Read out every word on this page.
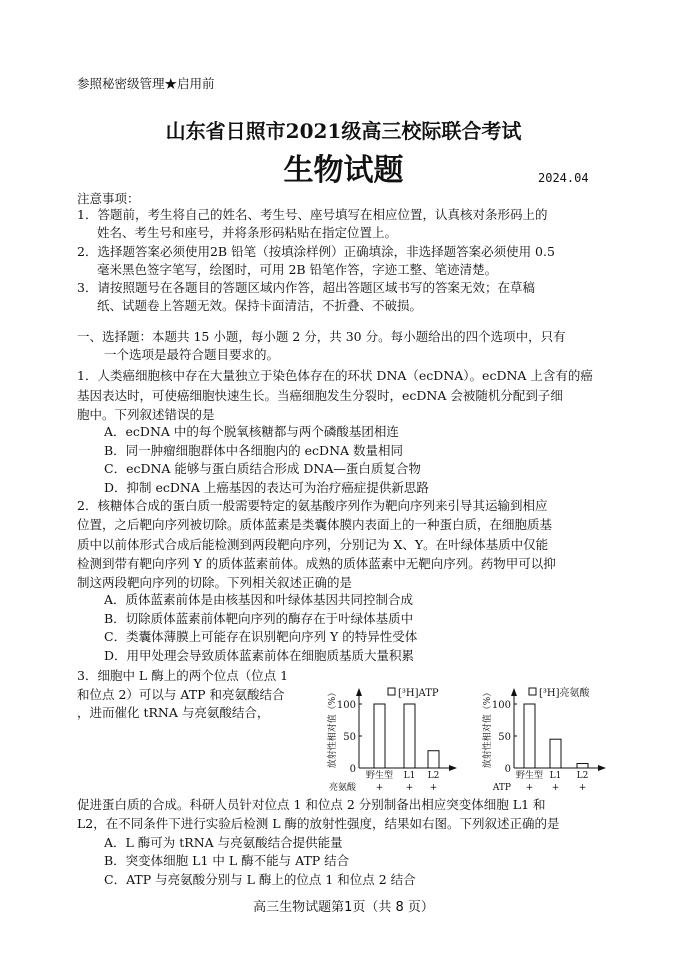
参照秘密级管理★启用前
山东省日照市2021级高三校际联合考试
生物试题	2024.04
注意事项：
1．答题前，考生将自己的姓名、考生号、座号填写在相应位置，认真核对条形码上的
姓名、考生号和座号，并将条形码粘贴在指定位置上。
2．选择题答案必须使用2B 铅笔（按填涂样例）正确填涂，非选择题答案必须使用 0.5
毫米黑色签字笔写，绘图时，可用 2B 铅笔作答，字迹工整、笔迹清楚。
3．请按照题号在各题目的答题区域内作答，超出答题区域书写的答案无效；在草稿
纸、试题卷上答题无效。保持卡面清洁，不折叠、不破损。
一、选择题：本题共 15 小题，每小题 2 分，共 30 分。每小题给出的四个选项中，只有
一个选项是最符合题目要求的。
1．人类癌细胞核中存在大量独立于染色体存在的环状 DNA（ecDNA）。ecDNA 上含有的癌
基因表达时，可使癌细胞快速生长。当癌细胞发生分裂时，ecDNA 会被随机分配到子细
胞中。下列叙述错误的是
A．ecDNA 中的每个脱氧核糖都与两个磷酸基团相连
B．同一肿瘤细胞群体中各细胞内的 ecDNA 数量相同
C．ecDNA 能够与蛋白质结合形成 DNA—蛋白质复合物
D．抑制 ecDNA 上癌基因的表达可为治疗癌症提供新思路
2．核糖体合成的蛋白质一般需要特定的氨基酸序列作为靶向序列来引导其运输到相应
位置，之后靶向序列被切除。质体蓝素是类囊体膜内表面上的一种蛋白质，在细胞质基
质中以前体形式合成后能检测到两段靶向序列，分别记为 X、Y。在叶绿体基质中仅能
检测到带有靶向序列 Y 的质体蓝素前体。成熟的质体蓝素中无靶向序列。药物甲可以抑
制这两段靶向序列的切除。下列相关叙述正确的是
A．质体蓝素前体是由核基因和叶绿体基因共同控制合成
B．切除质体蓝素前体靶向序列的酶存在于叶绿体基质中
C．类囊体薄膜上可能存在识别靶向序列 Y 的特异性受体
D．用甲处理会导致质体蓝素前体在细胞质基质大量积累
3．细胞中 L 酶上的两个位点（位点 1
和位点 2）可以与 ATP 和亮氨酸结合
，进而催化 tRNA 与亮氨酸结合，
0
50
100
放射性相对值（%）	[³H]ATP
野生型
+
L1
+
L2
+
亮氨酸
0
50
100
放射性相对值（%）	[³H]亮氨酸
野生型
+
L1
+
L2
+
ATP
促进蛋白质的合成。科研人员针对位点 1 和位点 2 分别制备出相应突变体细胞 L1 和
L2，在不同条件下进行实验后检测 L 酶的放射性强度，结果如右图。下列叙述正确的是
A．L 酶可为 tRNA 与亮氨酸结合提供能量
B．突变体细胞 L1 中 L 酶不能与 ATP 结合
C．ATP 与亮氨酸分别与 L 酶上的位点 1 和位点 2 结合
高三生物试题第1页（共 8 页）
